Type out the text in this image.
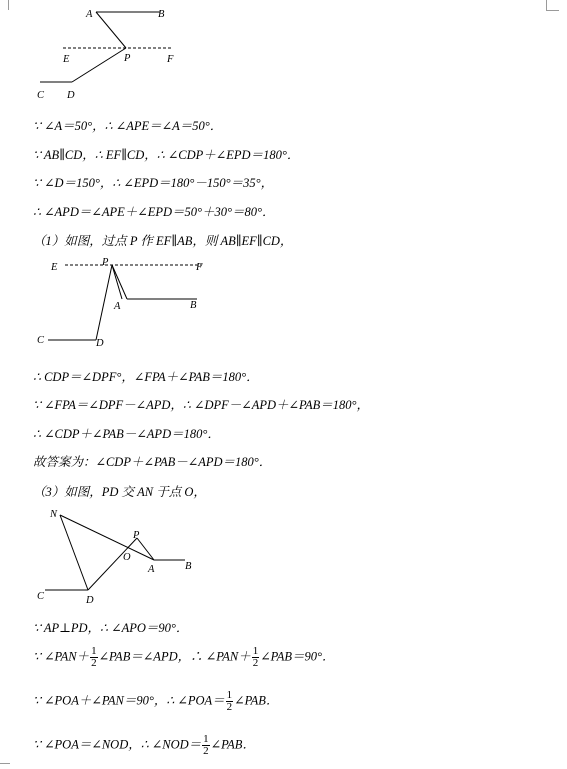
A	B
E	P	F
C D
∵ ∠A＝50°，∴ ∠APE＝∠A＝50°．
∵ AB∥CD，∴ EF∥CD，∴ ∠CDP＋∠EPD＝180°．
∵ ∠D＝150°，∴ ∠EPD＝180°－150°＝35°，
∴ ∠APD＝∠APE＋∠EPD＝50°＋30°＝80°．
（1）如图，过点 P 作 EF∥AB，则 AB∥EF∥CD，
E	P	F
A	B
C	D
∴ CDP＝∠DPF°，∠FPA＋∠PAB＝180°．
∵ ∠FPA＝∠DPF－∠APD，∴ ∠DPF－∠APD＋∠PAB＝180°，
∴ ∠CDP＋∠PAB－∠APD＝180°．
故答案为：∠CDP＋∠PAB－∠APD＝180°．
（3）如图，PD 交 AN 于点 O，
N
P
O
A	B
C	D
∵ AP⊥PD，∴ ∠APO＝90°．
∵ ∠PAN＋ $\frac{1}{2}$ ∠PAB＝∠APD，∴ ∠PAN＋ $\frac{1}{2}$ ∠PAB＝90°．
∵ ∠POA＋∠PAN＝90°，∴ ∠POA＝ $\frac{1}{2}$ ∠PAB．
∵ ∠POA＝∠NOD，∴ ∠NOD＝ $\frac{1}{2}$ ∠PAB．
